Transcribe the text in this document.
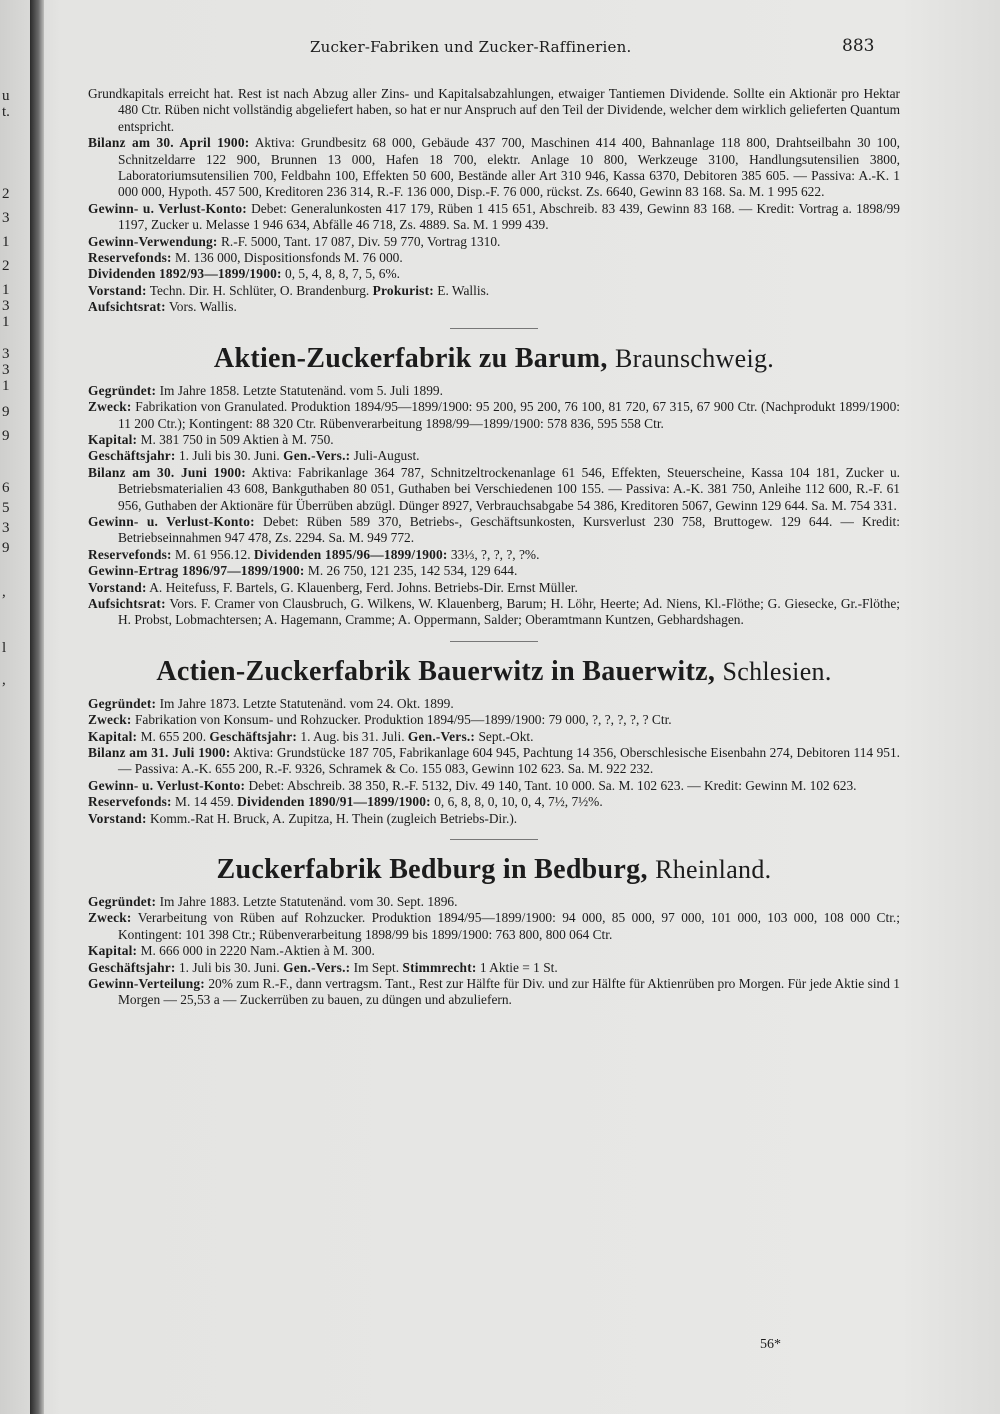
u
t.
2
3
1
2
1
3
1
3
3
1
9
9
6
5
3
9
,
l
,
Zucker-Fabriken und Zucker-Raffinerien.	883

Grundkapitals erreicht hat. Rest ist nach Abzug aller Zins- und Kapitalsabzahlungen, etwaiger Tantiemen Dividende. Sollte ein Aktionär pro Hektar 480 Ctr. Rüben nicht vollständig abgeliefert haben, so hat er nur Anspruch auf den Teil der Dividende, welcher dem wirklich gelieferten Quantum entspricht.

Bilanz am 30. April 1900: Aktiva: Grundbesitz 68 000, Gebäude 437 700, Maschinen 414 400, Bahnanlage 118 800, Drahtseilbahn 30 100, Schnitzeldarre 122 900, Brunnen 13 000, Hafen 18 700, elektr. Anlage 10 800, Werkzeuge 3100, Handlungsutensilien 3800, Laboratoriumsutensilien 700, Feldbahn 100, Effekten 50 600, Bestände aller Art 310 946, Kassa 6370, Debitoren 385 605. — Passiva: A.-K. 1 000 000, Hypoth. 457 500, Kreditoren 236 314, R.-F. 136 000, Disp.-F. 76 000, rückst. Zs. 6640, Gewinn 83 168. Sa. M. 1 995 622.

Gewinn- u. Verlust-Konto: Debet: Generalunkosten 417 179, Rüben 1 415 651, Abschreib. 83 439, Gewinn 83 168. — Kredit: Vortrag a. 1898/99 1197, Zucker u. Melasse 1 946 634, Abfälle 46 718, Zs. 4889. Sa. M. 1 999 439.

Gewinn-Verwendung: R.-F. 5000, Tant. 17 087, Div. 59 770, Vortrag 1310.

Reservefonds: M. 136 000, Dispositionsfonds M. 76 000.

Dividenden 1892/93—1899/1900: 0, 5, 4, 8, 8, 7, 5, 6%.

Vorstand: Techn. Dir. H. Schlüter, O. Brandenburg. Prokurist: E. Wallis.

Aufsichtsrat: Vors. Wallis.

Aktien-Zuckerfabrik zu Barum, Braunschweig.

Gegründet: Im Jahre 1858. Letzte Statutenänd. vom 5. Juli 1899.

Zweck: Fabrikation von Granulated. Produktion 1894/95—1899/1900: 95 200, 95 200, 76 100, 81 720, 67 315, 67 900 Ctr. (Nachprodukt 1899/1900: 11 200 Ctr.); Kontingent: 88 320 Ctr. Rübenverarbeitung 1898/99—1899/1900: 578 836, 595 558 Ctr.

Kapital: M. 381 750 in 509 Aktien à M. 750.

Geschäftsjahr: 1. Juli bis 30. Juni. Gen.-Vers.: Juli-August.

Bilanz am 30. Juni 1900: Aktiva: Fabrikanlage 364 787, Schnitzeltrockenanlage 61 546, Effekten, Steuerscheine, Kassa 104 181, Zucker u. Betriebsmaterialien 43 608, Bankguthaben 80 051, Guthaben bei Verschiedenen 100 155. — Passiva: A.-K. 381 750, Anleihe 112 600, R.-F. 61 956, Guthaben der Aktionäre für Überrüben abzügl. Dünger 8927, Verbrauchsabgabe 54 386, Kreditoren 5067, Gewinn 129 644. Sa. M. 754 331.

Gewinn- u. Verlust-Konto: Debet: Rüben 589 370, Betriebs-, Geschäftsunkosten, Kursverlust 230 758, Bruttogew. 129 644. — Kredit: Betriebseinnahmen 947 478, Zs. 2294. Sa. M. 949 772.

Reservefonds: M. 61 956.12. Dividenden 1895/96—1899/1900: 33⅓, ?, ?, ?, ?%.

Gewinn-Ertrag 1896/97—1899/1900: M. 26 750, 121 235, 142 534, 129 644.

Vorstand: A. Heitefuss, F. Bartels, G. Klauenberg, Ferd. Johns. Betriebs-Dir. Ernst Müller.

Aufsichtsrat: Vors. F. Cramer von Clausbruch, G. Wilkens, W. Klauenberg, Barum; H. Löhr, Heerte; Ad. Niens, Kl.-Flöthe; G. Giesecke, Gr.-Flöthe; H. Probst, Lobmachtersen; A. Hagemann, Cramme; A. Oppermann, Salder; Oberamtmann Kuntzen, Gebhardshagen.

Actien-Zuckerfabrik Bauerwitz in Bauerwitz, Schlesien.

Gegründet: Im Jahre 1873. Letzte Statutenänd. vom 24. Okt. 1899.

Zweck: Fabrikation von Konsum- und Rohzucker. Produktion 1894/95—1899/1900: 79 000, ?, ?, ?, ?, ? Ctr.

Kapital: M. 655 200. Geschäftsjahr: 1. Aug. bis 31. Juli. Gen.-Vers.: Sept.-Okt.

Bilanz am 31. Juli 1900: Aktiva: Grundstücke 187 705, Fabrikanlage 604 945, Pachtung 14 356, Oberschlesische Eisenbahn 274, Debitoren 114 951. — Passiva: A.-K. 655 200, R.-F. 9326, Schramek & Co. 155 083, Gewinn 102 623. Sa. M. 922 232.

Gewinn- u. Verlust-Konto: Debet: Abschreib. 38 350, R.-F. 5132, Div. 49 140, Tant. 10 000. Sa. M. 102 623. — Kredit: Gewinn M. 102 623.

Reservefonds: M. 14 459. Dividenden 1890/91—1899/1900: 0, 6, 8, 8, 0, 10, 0, 4, 7½, 7½%.

Vorstand: Komm.-Rat H. Bruck, A. Zupitza, H. Thein (zugleich Betriebs-Dir.).

Zuckerfabrik Bedburg in Bedburg, Rheinland.

Gegründet: Im Jahre 1883. Letzte Statutenänd. vom 30. Sept. 1896.

Zweck: Verarbeitung von Rüben auf Rohzucker. Produktion 1894/95—1899/1900: 94 000, 85 000, 97 000, 101 000, 103 000, 108 000 Ctr.; Kontingent: 101 398 Ctr.; Rübenverarbeitung 1898/99 bis 1899/1900: 763 800, 800 064 Ctr.

Kapital: M. 666 000 in 2220 Nam.-Aktien à M. 300.

Geschäftsjahr: 1. Juli bis 30. Juni. Gen.-Vers.: Im Sept. Stimmrecht: 1 Aktie = 1 St.

Gewinn-Verteilung: 20% zum R.-F., dann vertragsm. Tant., Rest zur Hälfte für Div. und zur Hälfte für Aktienrüben pro Morgen. Für jede Aktie sind 1 Morgen — 25,53 a — Zuckerrüben zu bauen, zu düngen und abzuliefern.

56*
